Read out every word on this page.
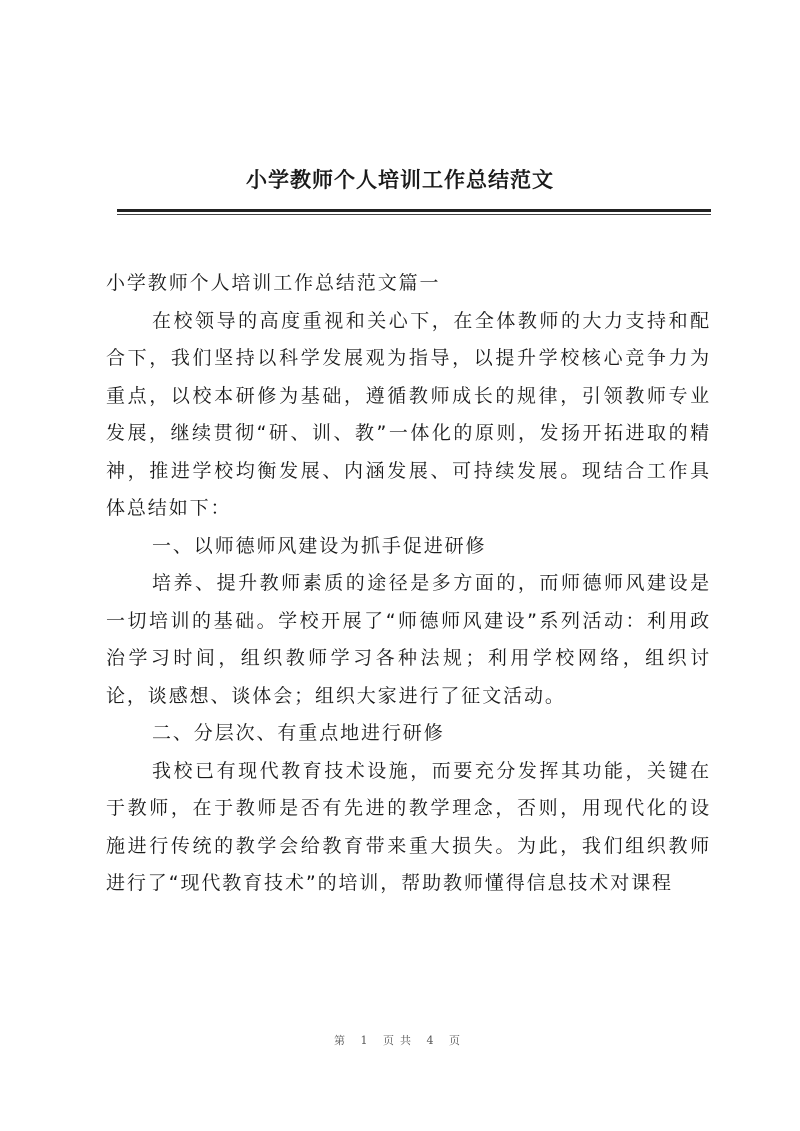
小学教师个人培训工作总结范文

小学教师个人培训工作总结范文篇一

在校领导的高度重视和关心下，在全体教师的大力支持和配合下，我们坚持以科学发展观为指导，以提升学校核心竞争力为重点，以校本研修为基础，遵循教师成长的规律，引领教师专业发展，继续贯彻“研、训、教”一体化的原则，发扬开拓进取的精神，推进学校均衡发展、内涵发展、可持续发展。现结合工作具体总结如下：

一、以师德师风建设为抓手促进研修

培养、提升教师素质的途径是多方面的，而师德师风建设是一切培训的基础。学校开展了“师德师风建设”系列活动：利用政治学习时间，组织教师学习各种法规；利用学校网络，组织讨论，谈感想、谈体会；组织大家进行了征文活动。

二、分层次、有重点地进行研修

我校已有现代教育技术设施，而要充分发挥其功能，关键在于教师，在于教师是否有先进的教学理念，否则，用现代化的设施进行传统的教学会给教育带来重大损失。为此，我们组织教师进行了“现代教育技术”的培训，帮助教师懂得信息技术对课程

第 1 页共 4 页
